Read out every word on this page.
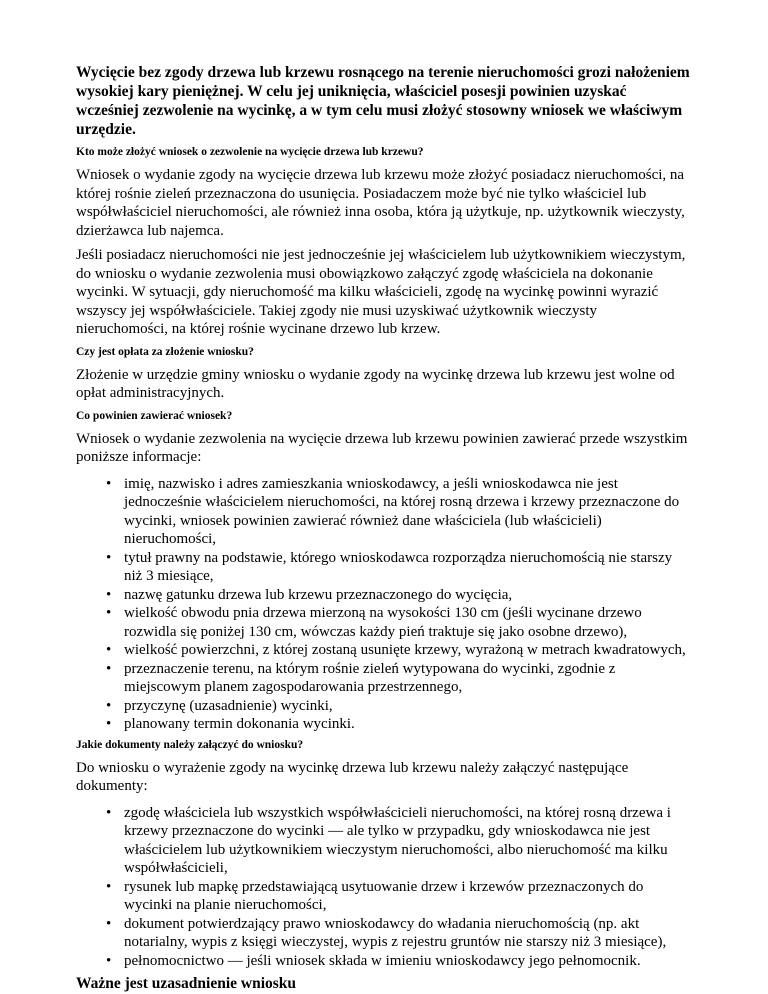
Wycięcie bez zgody drzewa lub krzewu rosnącego na terenie nieruchomości grozi nałożeniem wysokiej kary pieniężnej. W celu jej uniknięcia, właściciel posesji powinien uzyskać wcześniej zezwolenie na wycinkę, a w tym celu musi złożyć stosowny wniosek we właściwym urzędzie.

Kto może złożyć wniosek o zezwolenie na wycięcie drzewa lub krzewu?

Wniosek o wydanie zgody na wycięcie drzewa lub krzewu może złożyć posiadacz nieruchomości, na której rośnie zieleń przeznaczona do usunięcia. Posiadaczem może być nie tylko właściciel lub współwłaściciel nieruchomości, ale również inna osoba, która ją użytkuje, np. użytkownik wieczysty, dzierżawca lub najemca.

Jeśli posiadacz nieruchomości nie jest jednocześnie jej właścicielem lub użytkownikiem wieczystym, do wniosku o wydanie zezwolenia musi obowiązkowo załączyć zgodę właściciela na dokonanie wycinki. W sytuacji, gdy nieruchomość ma kilku właścicieli, zgodę na wycinkę powinni wyrazić wszyscy jej współwłaściciele. Takiej zgody nie musi uzyskiwać użytkownik wieczysty nieruchomości, na której rośnie wycinane drzewo lub krzew.

Czy jest opłata za złożenie wniosku?

Złożenie w urzędzie gminy wniosku o wydanie zgody na wycinkę drzewa lub krzewu jest wolne od opłat administracyjnych.

Co powinien zawierać wniosek?

Wniosek o wydanie zezwolenia na wycięcie drzewa lub krzewu powinien zawierać przede wszystkim poniższe informacje:

• imię, nazwisko i adres zamieszkania wnioskodawcy, a jeśli wnioskodawca nie jest jednocześnie właścicielem nieruchomości, na której rosną drzewa i krzewy przeznaczone do wycinki, wniosek powinien zawierać również dane właściciela (lub właścicieli) nieruchomości,
• tytuł prawny na podstawie, którego wnioskodawca rozporządza nieruchomością nie starszy niż 3 miesiące,
• nazwę gatunku drzewa lub krzewu przeznaczonego do wycięcia,
• wielkość obwodu pnia drzewa mierzoną na wysokości 130 cm (jeśli wycinane drzewo rozwidla się poniżej 130 cm, wówczas każdy pień traktuje się jako osobne drzewo),
• wielkość powierzchni, z której zostaną usunięte krzewy, wyrażoną w metrach kwadratowych,
• przeznaczenie terenu, na którym rośnie zieleń wytypowana do wycinki, zgodnie z miejscowym planem zagospodarowania przestrzennego,
• przyczynę (uzasadnienie) wycinki,
• planowany termin dokonania wycinki.
Jakie dokumenty należy załączyć do wniosku?

Do wniosku o wyrażenie zgody na wycinkę drzewa lub krzewu należy załączyć następujące dokumenty:

• zgodę właściciela lub wszystkich współwłaścicieli nieruchomości, na której rosną drzewa i krzewy przeznaczone do wycinki — ale tylko w przypadku, gdy wnioskodawca nie jest właścicielem lub użytkownikiem wieczystym nieruchomości, albo nieruchomość ma kilku współwłaścicieli,
• rysunek lub mapkę przedstawiającą usytuowanie drzew i krzewów przeznaczonych do wycinki na planie nieruchomości,
• dokument potwierdzający prawo wnioskodawcy do władania nieruchomością (np. akt notarialny, wypis z księgi wieczystej, wypis z rejestru gruntów nie starszy niż 3 miesiące),
• pełnomocnictwo — jeśli wniosek składa w imieniu wnioskodawcy jego pełnomocnik.
Ważne jest uzasadnienie wniosku
